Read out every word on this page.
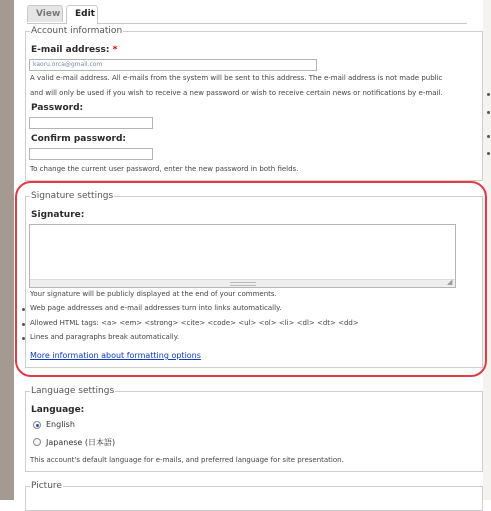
View	Edit
Account information
E-mail address: *
kaoru.orca@gmail.com
A valid e-mail address. All e-mails from the system will be sent to this address. The e-mail address is not made public
and will only be used if you wish to receive a new password or wish to receive certain news or notifications by e-mail.
Password:
Confirm password:
To change the current user password, enter the new password in both fields.
Signature settings
Signature:
◢
Your signature will be publicly displayed at the end of your comments.
Web page addresses and e-mail addresses turn into links automatically.
Allowed HTML tags: <a> <em> <strong> <cite> <code> <ul> <ol> <li> <dl> <dt> <dd>
Lines and paragraphs break automatically.
More information about formatting options
Language settings
Language:
English
Japanese (日本語)
This account's default language for e-mails, and preferred language for site presentation.
Picture
